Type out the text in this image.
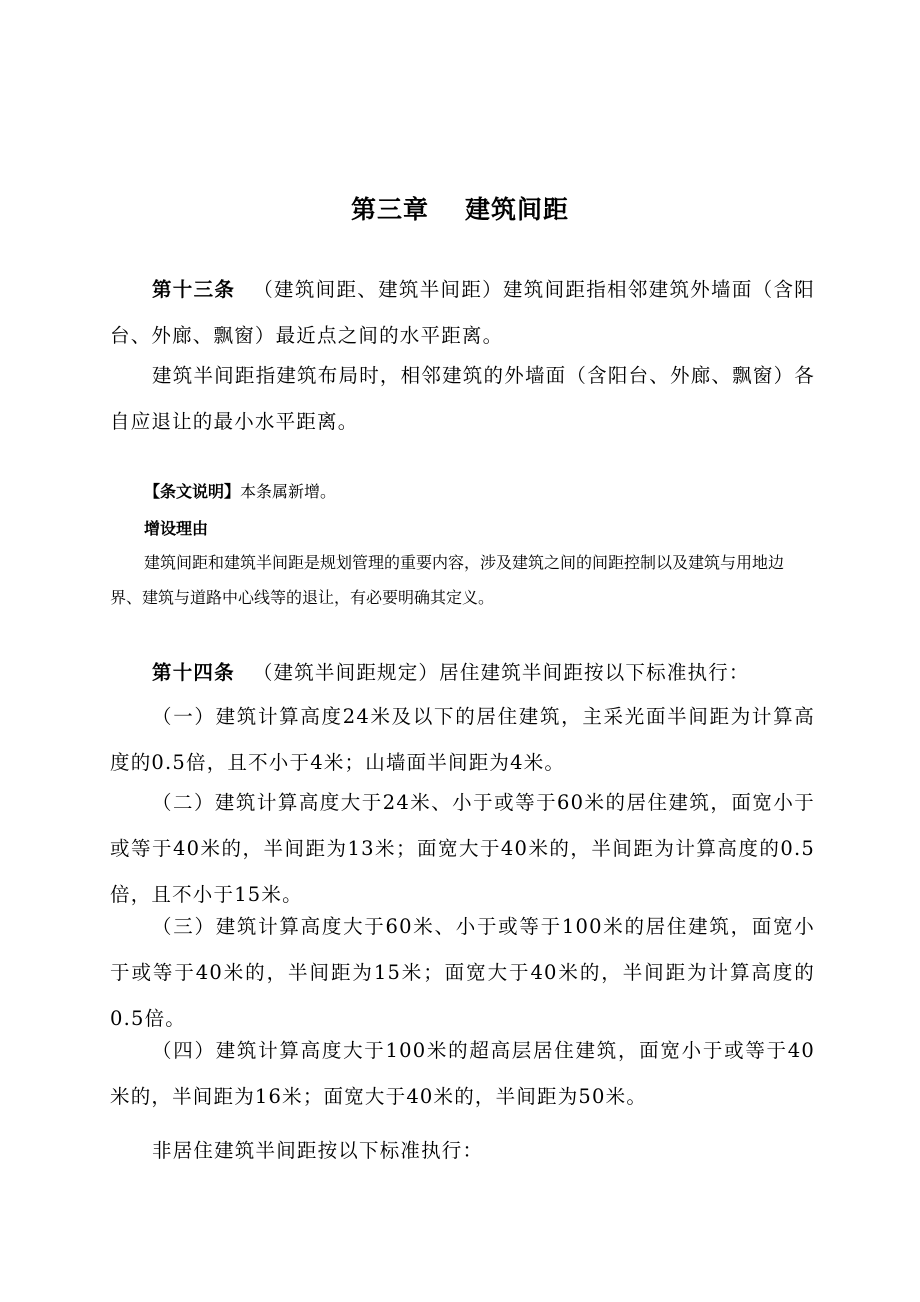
第三章 建筑间距

第十三条 （建筑间距、建筑半间距）建筑间距指相邻建筑外墙面（含阳台、外廊、飘窗）最近点之间的水平距离。

建筑半间距指建筑布局时，相邻建筑的外墙面（含阳台、外廊、飘窗）各自应退让的最小水平距离。

【条文说明】本条属新增。

增设理由

建筑间距和建筑半间距是规划管理的重要内容，涉及建筑之间的间距控制以及建筑与用地边界、建筑与道路中心线等的退让，有必要明确其定义。

第十四条 （建筑半间距规定）居住建筑半间距按以下标准执行：

（一）建筑计算高度24米及以下的居住建筑，主采光面半间距为计算高度的0.5倍，且不小于4米；山墙面半间距为4米。

（二）建筑计算高度大于24米、小于或等于60米的居住建筑，面宽小于或等于40米的，半间距为13米；面宽大于40米的，半间距为计算高度的0.5倍，且不小于15米。

（三）建筑计算高度大于60米、小于或等于100米的居住建筑，面宽小于或等于40米的，半间距为15米；面宽大于40米的，半间距为计算高度的0.5倍。

（四）建筑计算高度大于100米的超高层居住建筑，面宽小于或等于40米的，半间距为16米；面宽大于40米的，半间距为50米。

非居住建筑半间距按以下标准执行：
